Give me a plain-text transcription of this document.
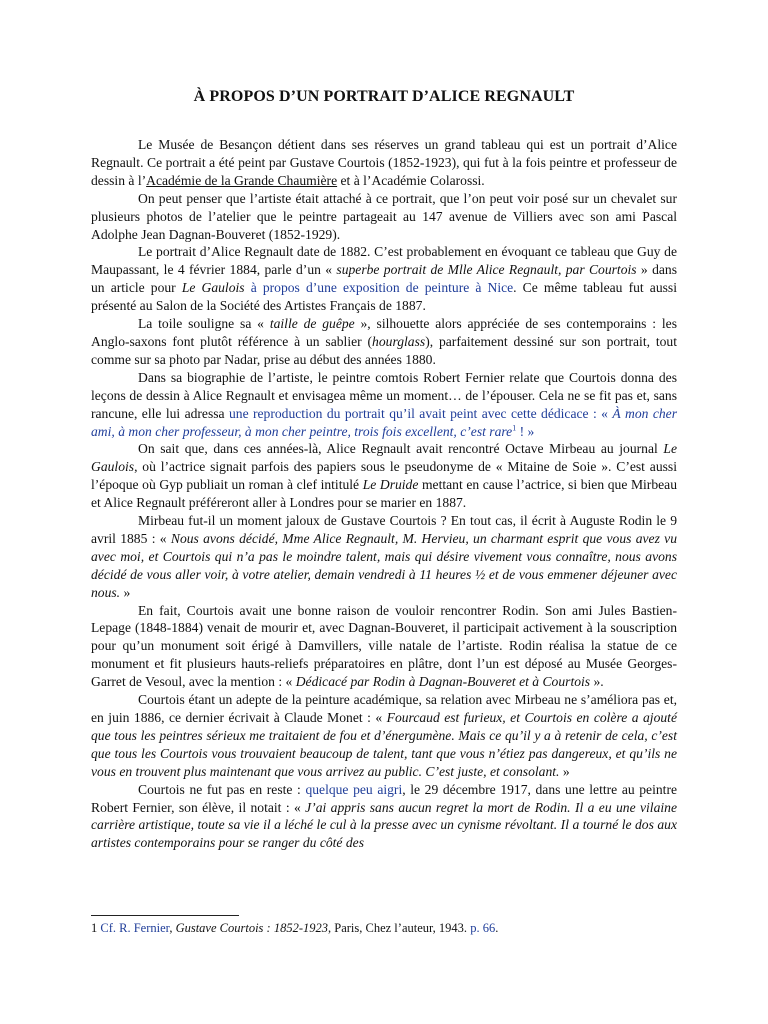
À PROPOS D’UN PORTRAIT D’ALICE REGNAULT

Le Musée de Besançon détient dans ses réserves un grand tableau qui est un portrait d’Alice Regnault. Ce portrait a été peint par Gustave Courtois (1852-1923), qui fut à la fois peintre et professeur de dessin à l’Académie de la Grande Chaumière et à l’Académie Colarossi.

On peut penser que l’artiste était attaché à ce portrait, que l’on peut voir posé sur un chevalet sur plusieurs photos de l’atelier que le peintre partageait au 147 avenue de Villiers avec son ami Pascal Adolphe Jean Dagnan-Bouveret (1852-1929).

Le portrait d’Alice Regnault date de 1882. C’est probablement en évoquant ce tableau que Guy de Maupassant, le 4 février 1884, parle d’un « superbe portrait de Mlle Alice Regnault, par Courtois » dans un article pour Le Gaulois à propos d’une exposition de peinture à Nice. Ce même tableau fut aussi présenté au Salon de la Société des Artistes Français de 1887.

La toile souligne sa « taille de guêpe », silhouette alors appréciée de ses contemporains : les Anglo-saxons font plutôt référence à un sablier (hourglass), parfaitement dessiné sur son portrait, tout comme sur sa photo par Nadar, prise au début des années 1880.

Dans sa biographie de l’artiste, le peintre comtois Robert Fernier relate que Courtois donna des leçons de dessin à Alice Regnault et envisagea même un moment… de l’épouser. Cela ne se fit pas et, sans rancune, elle lui adressa une reproduction du portrait qu’il avait peint avec cette dédicace : « À mon cher ami, à mon cher professeur, à mon cher peintre, trois fois excellent, c’est rare$^1$ ! »

On sait que, dans ces années-là, Alice Regnault avait rencontré Octave Mirbeau au journal Le Gaulois, où l’actrice signait parfois des papiers sous le pseudonyme de « Mitaine de Soie ». C’est aussi l’époque où Gyp publiait un roman à clef intitulé Le Druide mettant en cause l’actrice, si bien que Mirbeau et Alice Regnault préféreront aller à Londres pour se marier en 1887.

Mirbeau fut-il un moment jaloux de Gustave Courtois ? En tout cas, il écrit à Auguste Rodin le 9 avril 1885 : « Nous avons décidé, Mme Alice Regnault, M. Hervieu, un charmant esprit que vous avez vu avec moi, et Courtois qui n’a pas le moindre talent, mais qui désire vivement vous connaître, nous avons décidé de vous aller voir, à votre atelier, demain vendredi à 11 heures ½ et de vous emmener déjeuner avec nous. »

En fait, Courtois avait une bonne raison de vouloir rencontrer Rodin. Son ami Jules Bastien-Lepage (1848-1884) venait de mourir et, avec Dagnan-Bouveret, il participait activement à la souscription pour qu’un monument soit érigé à Damvillers, ville natale de l’artiste. Rodin réalisa la statue de ce monument et fit plusieurs hauts-reliefs préparatoires en plâtre, dont l’un est déposé au Musée Georges-Garret de Vesoul, avec la mention : « Dédicacé par Rodin à Dagnan-Bouveret et à Courtois ».

Courtois étant un adepte de la peinture académique, sa relation avec Mirbeau ne s’améliora pas et, en juin 1886, ce dernier écrivait à Claude Monet : « Fourcaud est furieux, et Courtois en colère a ajouté que tous les peintres sérieux me traitaient de fou et d’énergumène. Mais ce qu’il y a à retenir de cela, c’est que tous les Courtois vous trouvaient beaucoup de talent, tant que vous n’étiez pas dangereux, et qu’ils ne vous en trouvent plus maintenant que vous arrivez au public. C’est juste, et consolant. »

Courtois ne fut pas en reste : quelque peu aigri, le 29 décembre 1917, dans une lettre au peintre Robert Fernier, son élève, il notait : « J’ai appris sans aucun regret la mort de Rodin. Il a eu une vilaine carrière artistique, toute sa vie il a léché le cul à la presse avec un cynisme révoltant. Il a tourné le dos aux artistes contemporains pour se ranger du côté des

1 Cf. R. Fernier, Gustave Courtois : 1852-1923, Paris, Chez l’auteur, 1943. p. 66.
